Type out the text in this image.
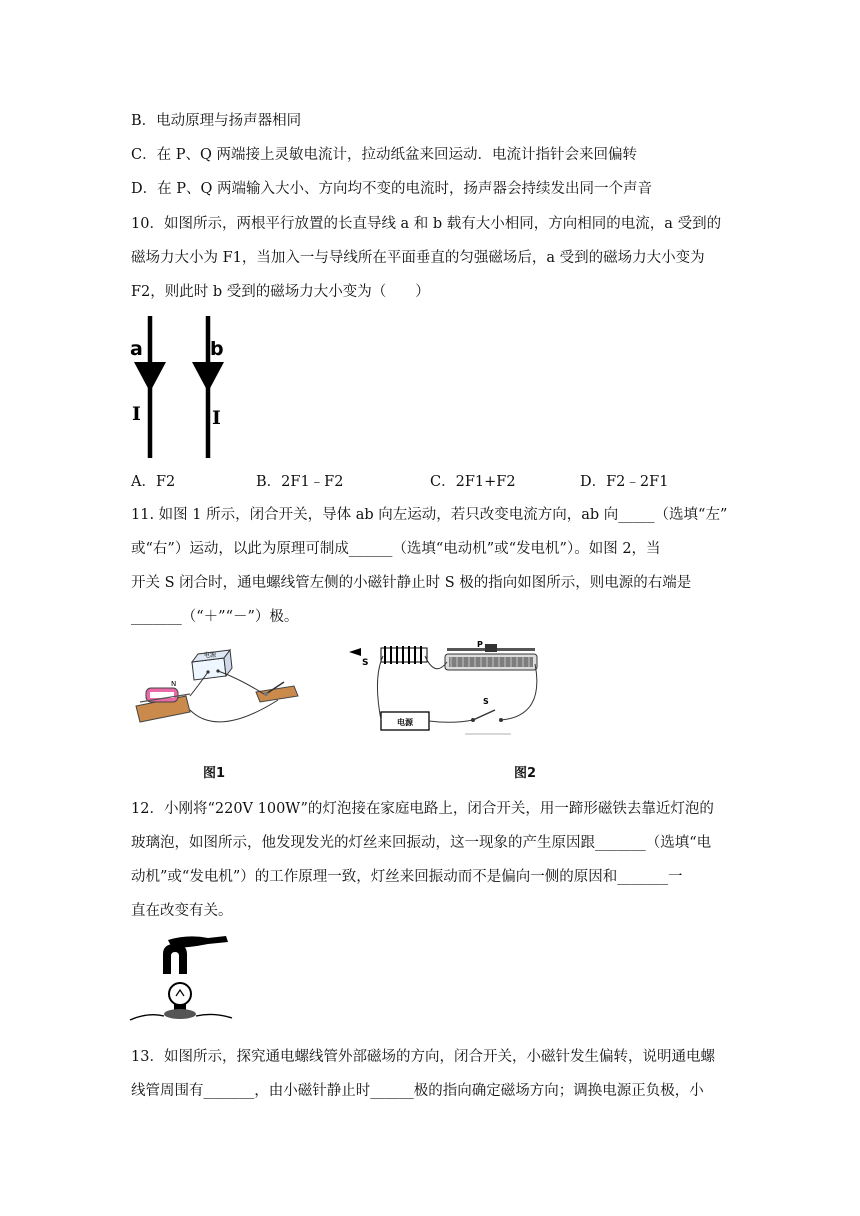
B．电动原理与扬声器相同
C．在 P、Q 两端接上灵敏电流计，拉动纸盆来回运动．电流计指针会来回偏转
D．在 P、Q 两端输入大小、方向均不变的电流时，扬声器会持续发出同一个声音
10．如图所示，两根平行放置的长直导线 a 和 b 载有大小相同，方向相同的电流，a 受到的
磁场力大小为 F1，当加入一与导线所在平面垂直的匀强磁场后，a 受到的磁场力大小变为
F2，则此时 b 受到的磁场力大小变为（　　）
a	b
I	I
A．F2	B．2F1﹣F2	C．2F1+F2	D．F2﹣2F1
11. 如图 1 所示，闭合开关，导体 ab 向左运动，若只改变电流方向，ab 向_____（选填“左”
或“右”）运动，以此为原理可制成______（选填“电动机”或“发电机”）。如图 2，当
开关 S 闭合时，通电螺线管左侧的小磁针静止时 S 极的指向如图所示，则电源的右端是
_______（“＋”“－”）极。
N
电源
图1
S
P
电源
S
图2
12．小刚将“220V 100W”的灯泡接在家庭电路上，闭合开关，用一蹄形磁铁去靠近灯泡的
玻璃泡，如图所示，他发现发光的灯丝来回振动，这一现象的产生原因跟_______（选填“电
动机”或“发电机”）的工作原理一致，灯丝来回振动而不是偏向一侧的原因和_______一
直在改变有关。
13．如图所示，探究通电螺线管外部磁场的方向，闭合开关，小磁针发生偏转，说明通电螺
线管周围有_______，由小磁针静止时______极的指向确定磁场方向；调换电源正负极，小
